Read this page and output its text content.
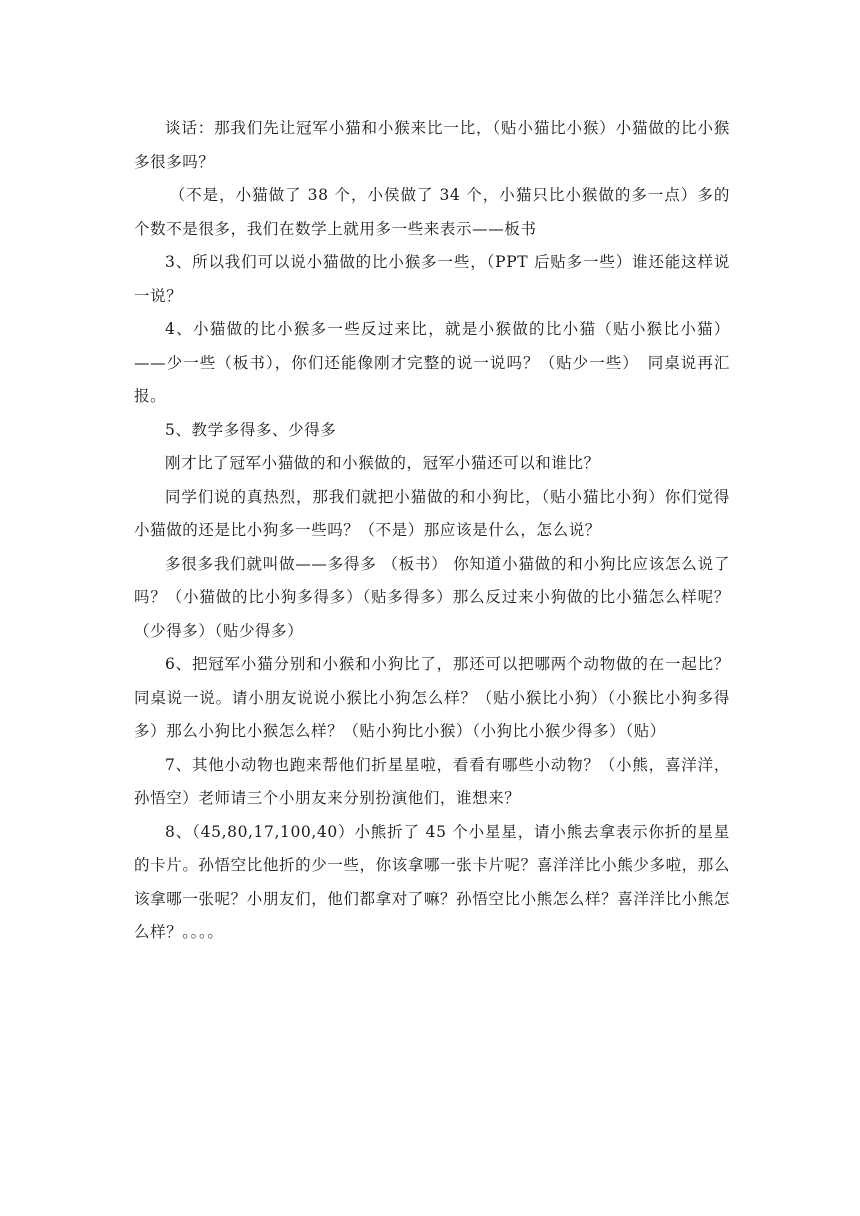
谈话：那我们先让冠军小猫和小猴来比一比，（贴小猫比小猴）小猫做的比小猴多很多吗？

（不是，小猫做了 38 个，小侯做了 34 个，小猫只比小猴做的多一点）多的个数不是很多，我们在数学上就用多一些来表示——板书

3、所以我们可以说小猫做的比小猴多一些，（PPT 后贴多一些）谁还能这样说一说？

4、小猫做的比小猴多一些反过来比，就是小猴做的比小猫（贴小猴比小猫）——少一些（板书），你们还能像刚才完整的说一说吗？（贴少一些）　同桌说再汇报。

5、教学多得多、少得多

刚才比了冠军小猫做的和小猴做的，冠军小猫还可以和谁比？

同学们说的真热烈，那我们就把小猫做的和小狗比，（贴小猫比小狗）你们觉得小猫做的还是比小狗多一些吗？（不是）那应该是什么，怎么说？

多很多我们就叫做——多得多 （板书） 你知道小猫做的和小狗比应该怎么说了吗？（小猫做的比小狗多得多）（贴多得多）那么反过来小狗做的比小猫怎么样呢？（少得多）（贴少得多）

6、把冠军小猫分别和小猴和小狗比了，那还可以把哪两个动物做的在一起比？ 同桌说一说。请小朋友说说小猴比小狗怎么样？（贴小猴比小狗）（小猴比小狗多得多）那么小狗比小猴怎么样？（贴小狗比小猴）（小狗比小猴少得多）（贴）

7、其他小动物也跑来帮他们折星星啦，看看有哪些小动物？（小熊，喜洋洋，孙悟空）老师请三个小朋友来分别扮演他们，谁想来？

8、（45,80,17,100,40）小熊折了 45 个小星星，请小熊去拿表示你折的星星的卡片。孙悟空比他折的少一些，你该拿哪一张卡片呢？喜洋洋比小熊少多啦，那么该拿哪一张呢？小朋友们，他们都拿对了嘛？孙悟空比小熊怎么样？喜洋洋比小熊怎么样？。。。。
